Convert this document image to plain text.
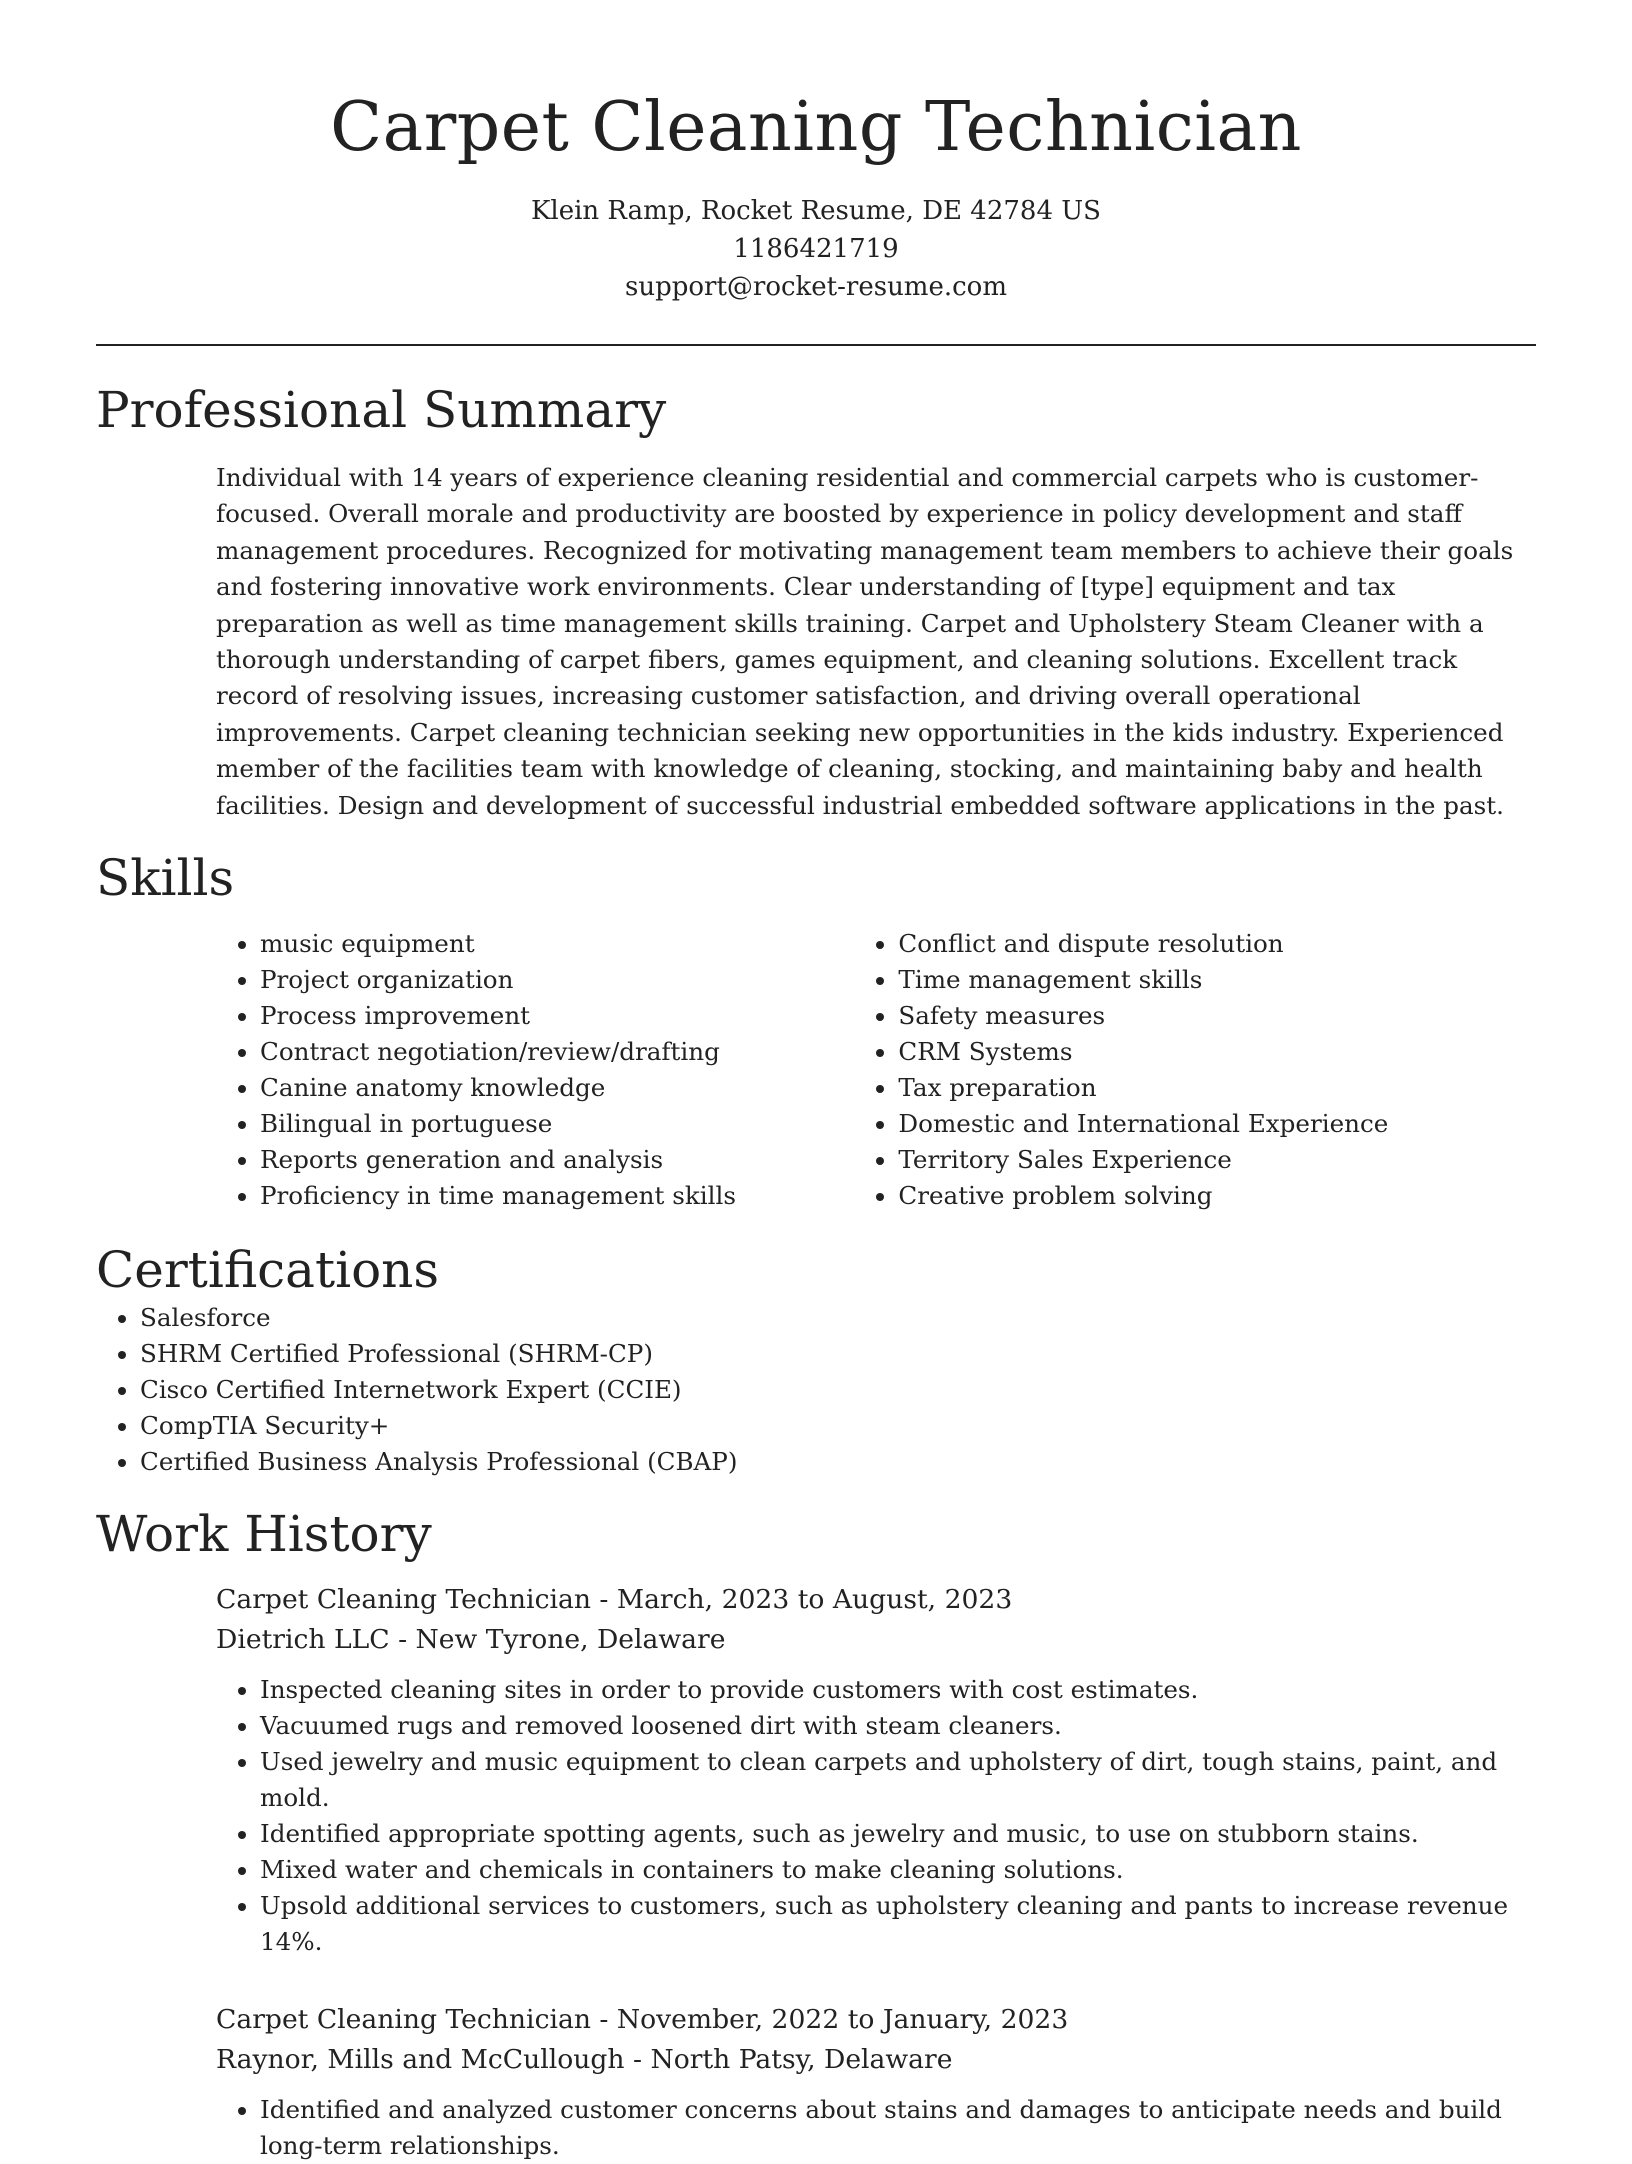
Carpet Cleaning Technician
Klein Ramp, Rocket Resume, DE 42784 US
1186421719
support@rocket-resume.com
Professional Summary
Individual with 14 years of experience cleaning residential and commercial carpets who is customer-focused. Overall morale and productivity are boosted by experience in policy development and staff management procedures. Recognized for motivating management team members to achieve their goals and fostering innovative work environments. Clear understanding of [type] equipment and tax preparation as well as time management skills training. Carpet and Upholstery Steam Cleaner with a thorough understanding of carpet fibers, games equipment, and cleaning solutions. Excellent track record of resolving issues, increasing customer satisfaction, and driving overall operational improvements. Carpet cleaning technician seeking new opportunities in the kids industry. Experienced member of the facilities team with knowledge of cleaning, stocking, and maintaining baby and health facilities. Design and development of successful industrial embedded software applications in the past.
Skills
• music equipment
• Project organization
• Process improvement
• Contract negotiation/review/drafting
• Canine anatomy knowledge
• Bilingual in portuguese
• Reports generation and analysis
• Proficiency in time management skills
• Conflict and dispute resolution
• Time management skills
• Safety measures
• CRM Systems
• Tax preparation
• Domestic and International Experience
• Territory Sales Experience
• Creative problem solving
Certifications
• Salesforce
• SHRM Certified Professional (SHRM-CP)
• Cisco Certified Internetwork Expert (CCIE)
• CompTIA Security+
• Certified Business Analysis Professional (CBAP)
Work History
Carpet Cleaning Technician - March, 2023 to August, 2023
Dietrich LLC - New Tyrone, Delaware
• Inspected cleaning sites in order to provide customers with cost estimates.
• Vacuumed rugs and removed loosened dirt with steam cleaners.
• Used jewelry and music equipment to clean carpets and upholstery of dirt, tough stains, paint, and mold.
• Identified appropriate spotting agents, such as jewelry and music, to use on stubborn stains.
• Mixed water and chemicals in containers to make cleaning solutions.
• Upsold additional services to customers, such as upholstery cleaning and pants to increase revenue 14%.
Carpet Cleaning Technician - November, 2022 to January, 2023
Raynor, Mills and McCullough - North Patsy, Delaware
• Identified and analyzed customer concerns about stains and damages to anticipate needs and build long-term relationships.
